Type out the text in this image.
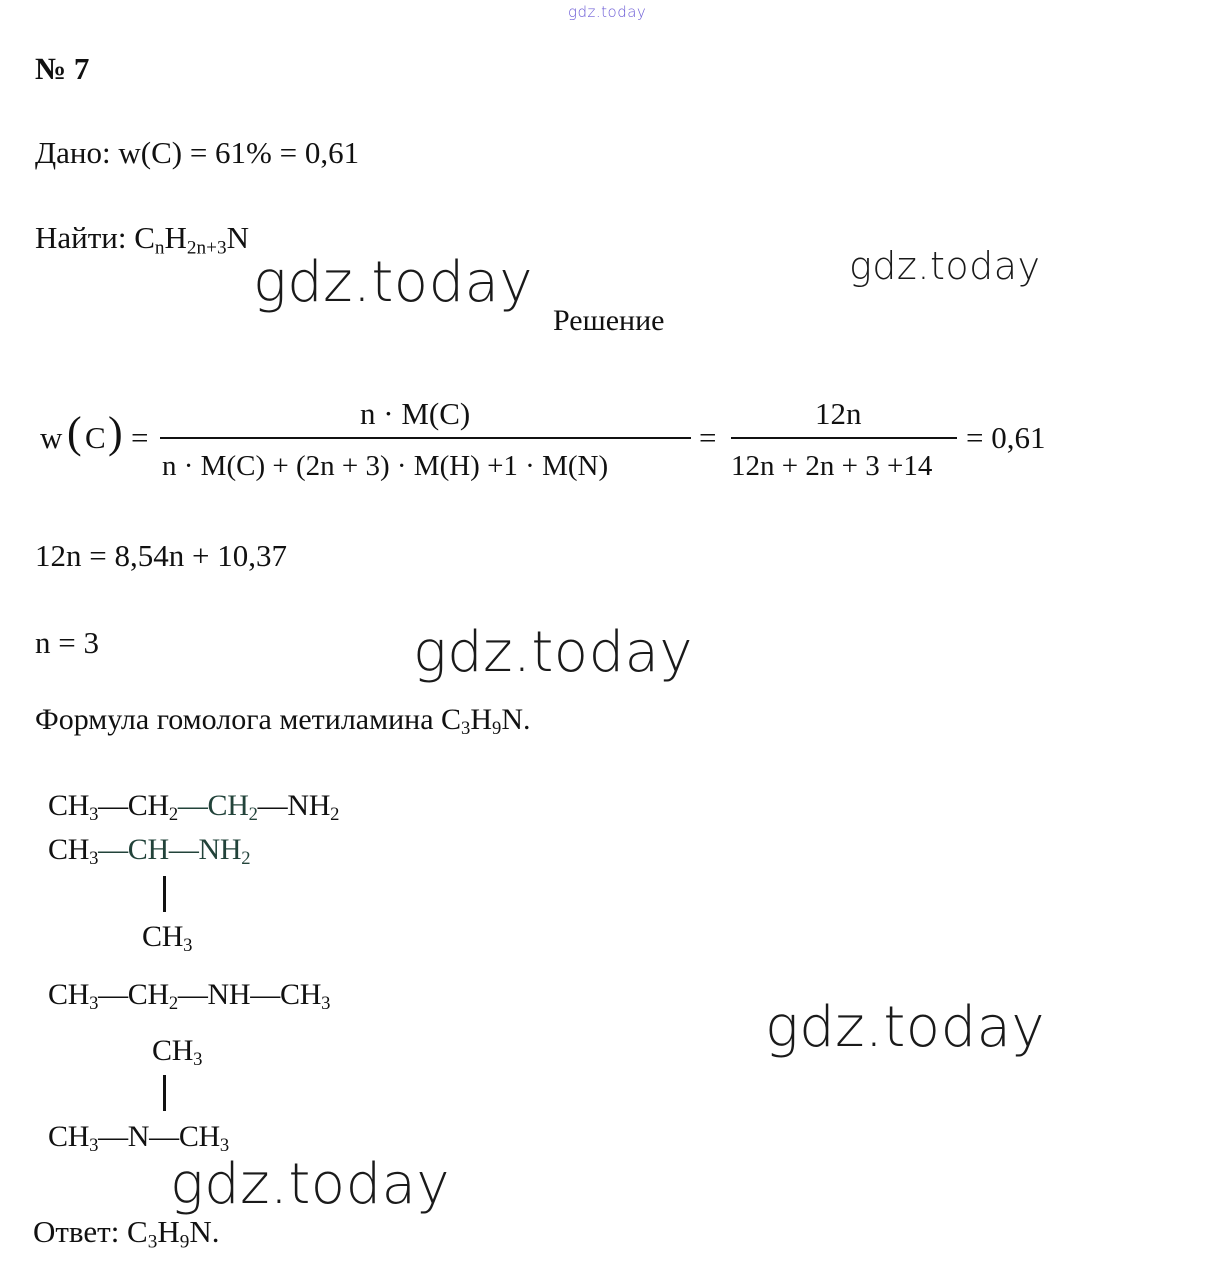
gdz.today
gdz.today	gdz.today
gdz.today
gdz.today
gdz.today
№ 7
Дано: w(C) = 61% = 0,61
Найти: $C_nH_{2n+3}N$
Решение
w ( C ) =
n · M(C)
n · M(C) + (2n + 3) · M(H) +1 · M(N)
=
12n
12n + 2n + 3 +14
= 0,61
12n = 8,54n + 10,37
n = 3
Формула гомолога метиламина $C_3H_9N$.
$CH_3—CH_2—CH_2—NH_2$
$CH_3—CH—NH_2$
$CH_3$
$CH_3—CH_2—NH—CH_3$
$CH_3$
$CH_3—N—CH_3$
Ответ: $C_3H_9N$.
